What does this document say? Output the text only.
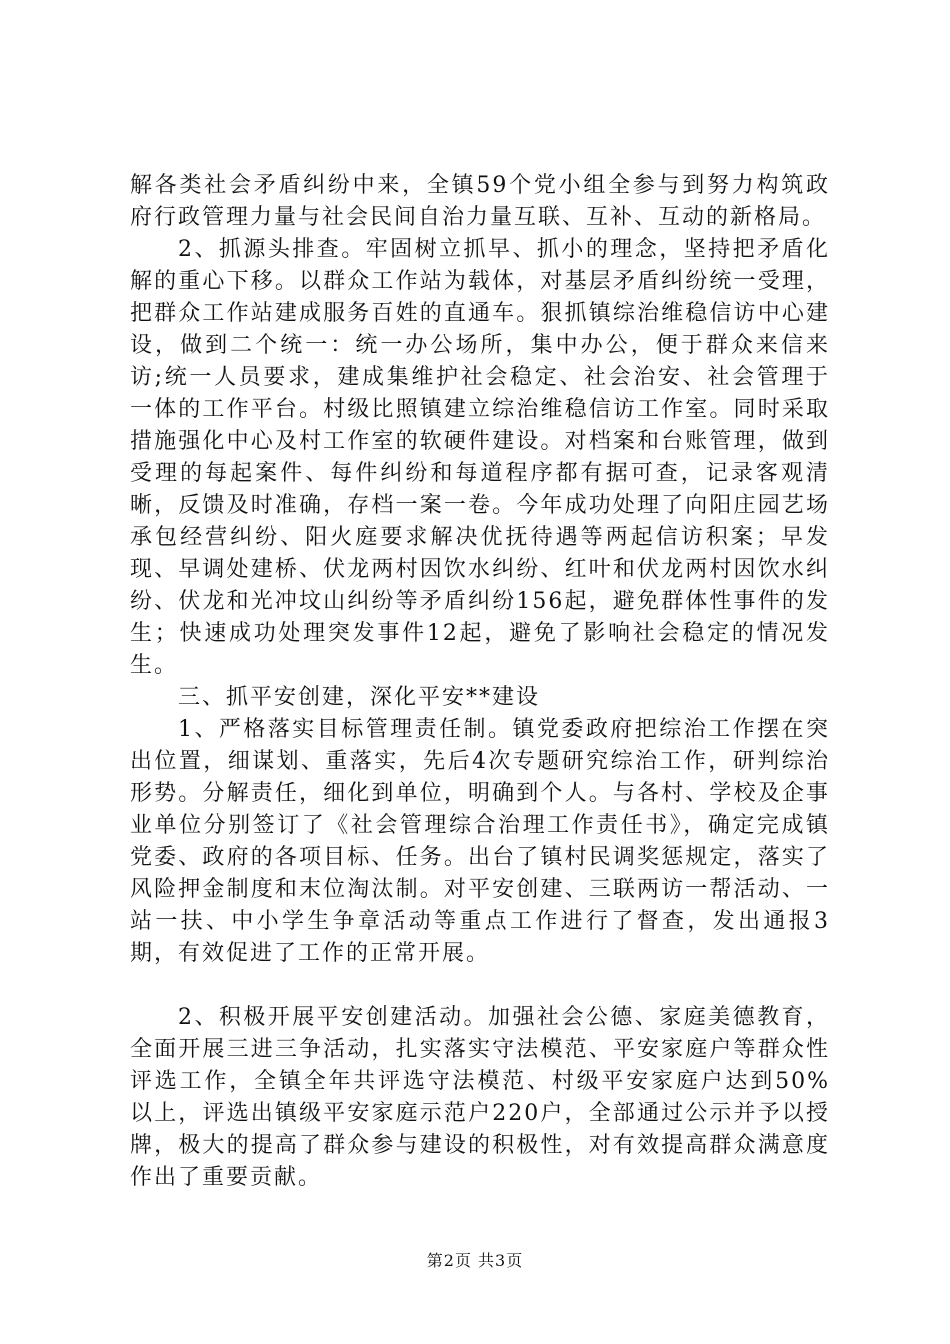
解各类社会矛盾纠纷中来，全镇59个党小组全参与到努力构筑政府行政管理力量与社会民间自治力量互联、互补、互动的新格局。

2、抓源头排查。牢固树立抓早、抓小的理念，坚持把矛盾化解的重心下移。以群众工作站为载体，对基层矛盾纠纷统一受理，把群众工作站建成服务百姓的直通车。狠抓镇综治维稳信访中心建设，做到二个统一：统一办公场所，集中办公，便于群众来信来访;统一人员要求，建成集维护社会稳定、社会治安、社会管理于一体的工作平台。村级比照镇建立综治维稳信访工作室。同时采取措施强化中心及村工作室的软硬件建设。对档案和台账管理，做到受理的每起案件、每件纠纷和每道程序都有据可查，记录客观清晰，反馈及时准确，存档一案一卷。今年成功处理了向阳庄园艺场承包经营纠纷、阳火庭要求解决优抚待遇等两起信访积案；早发现、早调处建桥、伏龙两村因饮水纠纷、红叶和伏龙两村因饮水纠纷、伏龙和光冲坟山纠纷等矛盾纠纷156起，避免群体性事件的发生；快速成功处理突发事件12起，避免了影响社会稳定的情况发生。

三、抓平安创建，深化平安**建设

1、严格落实目标管理责任制。镇党委政府把综治工作摆在突出位置，细谋划、重落实，先后4次专题研究综治工作，研判综治形势。分解责任，细化到单位，明确到个人。与各村、学校及企事业单位分别签订了《社会管理综合治理工作责任书》，确定完成镇党委、政府的各项目标、任务。出台了镇村民调奖惩规定，落实了风险押金制度和末位淘汰制。对平安创建、三联两访一帮活动、一站一扶、中小学生争章活动等重点工作进行了督查，发出通报3期，有效促进了工作的正常开展。

2、积极开展平安创建活动。加强社会公德、家庭美德教育，全面开展三进三争活动，扎实落实守法模范、平安家庭户等群众性评选工作，全镇全年共评选守法模范、村级平安家庭户达到50%以上，评选出镇级平安家庭示范户220户，全部通过公示并予以授牌，极大的提高了群众参与建设的积极性，对有效提高群众满意度作出了重要贡献。

第2页 共3页
